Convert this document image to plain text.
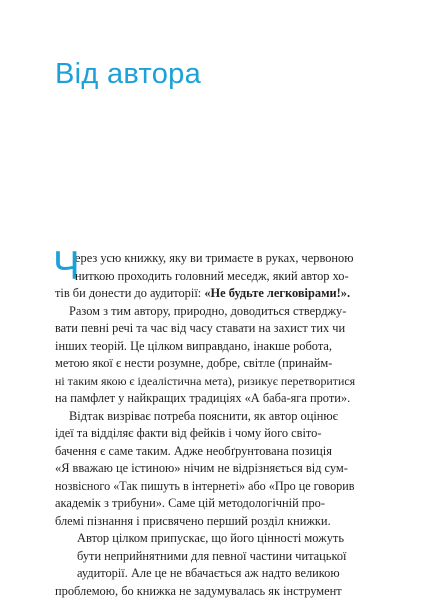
Від автора
Ч
ерез усю книжку, яку ви тримаєте в руках, червоною
ниткою проходить головний меседж, який автор хо-
тів би донести до аудиторії: «Не будьте легковірами!».
Разом з тим автору, природно, доводиться стверджу-
вати певні речі та час від часу ставати на захист тих чи
інших теорій. Це цілком виправдано, інакше робота,
метою якої є нести розумне, добре, світле (принайм-
ні таким якою є ідеалістична мета), ризикує перетворитися
на памфлет у найкращих традиціях «А баба-яга проти».
Відтак визріває потреба пояснити, як автор оцінює
ідеї та відділяє факти від фейків і чому його світо-
бачення є саме таким. Адже необґрунтована позиція
«Я вважаю це істиною» нічим не відрізняється від сум-
нозвісного «Так пишуть в інтернеті» або «Про це говорив
академік з трибуни». Саме цій методологічній про-
блемі пізнання і присвячено перший розділ книжки.
Автор цілком припускає, що його цінності можуть
бути неприйнятними для певної частини читацької
аудиторії. Але це не вбачається аж надто великою
проблемою, бо книжка не задумувалась як інструмент
